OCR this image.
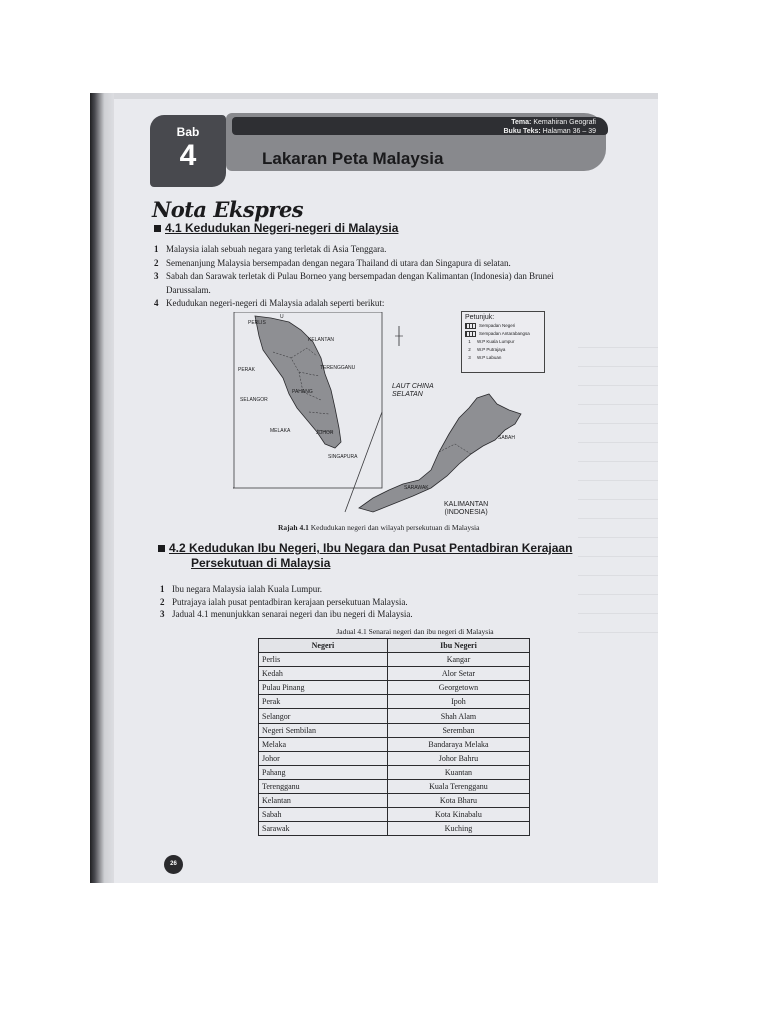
Tema: Kemahiran Geografi
Buku Teks: Halaman 36 – 39
Bab
4	Lakaran Peta Malaysia
Nota Ekspres
4.1 Kedudukan Negeri-negeri di Malaysia
1 Malaysia ialah sebuah negara yang terletak di Asia Tenggara.
2 Semenanjung Malaysia bersempadan dengan negara Thailand di utara dan Singapura di selatan.
3 Sabah dan Sarawak terletak di Pulau Borneo yang bersempadan dengan Kalimantan (Indonesia) dan Brunei Darussalam.
4 Kedudukan negeri-negeri di Malaysia adalah seperti berikut:
U
PERLIS
KELANTAN
TERENGGANU
PERAK
PAHANG
SELANGOR
MELAKA	JOHOR
SINGAPURA
SABAH
SARAWAK
LAUT CHINA
SELATAN
KALIMANTAN
(INDONESIA)
Petunjuk:
Sempadan Negeri
Sempadan Antarabangsa
1	W.P Kuala Lumpur
2	W.P Putrajaya
3	W.P Labuan
Rajah 4.1 Kedudukan negeri dan wilayah persekutuan di Malaysia
4.2 Kedudukan Ibu Negeri, Ibu Negara dan Pusat Pentadbiran Kerajaan
Persekutuan di Malaysia
1 Ibu negara Malaysia ialah Kuala Lumpur.
2 Putrajaya ialah pusat pentadbiran kerajaan persekutuan Malaysia.
3 Jadual 4.1 menunjukkan senarai negeri dan ibu negeri di Malaysia.
Jadual 4.1 Senarai negeri dan ibu negeri di Malaysia
Negeri	Ibu Negeri
Perlis	Kangar
Kedah	Alor Setar
Pulau Pinang	Georgetown
Perak	Ipoh
Selangor	Shah Alam
Negeri Sembilan	Seremban
Melaka	Bandaraya Melaka
Johor	Johor Bahru
Pahang	Kuantan
Terengganu	Kuala Terengganu
Kelantan	Kota Bharu
Sabah	Kota Kinabalu
Sarawak	Kuching
26
